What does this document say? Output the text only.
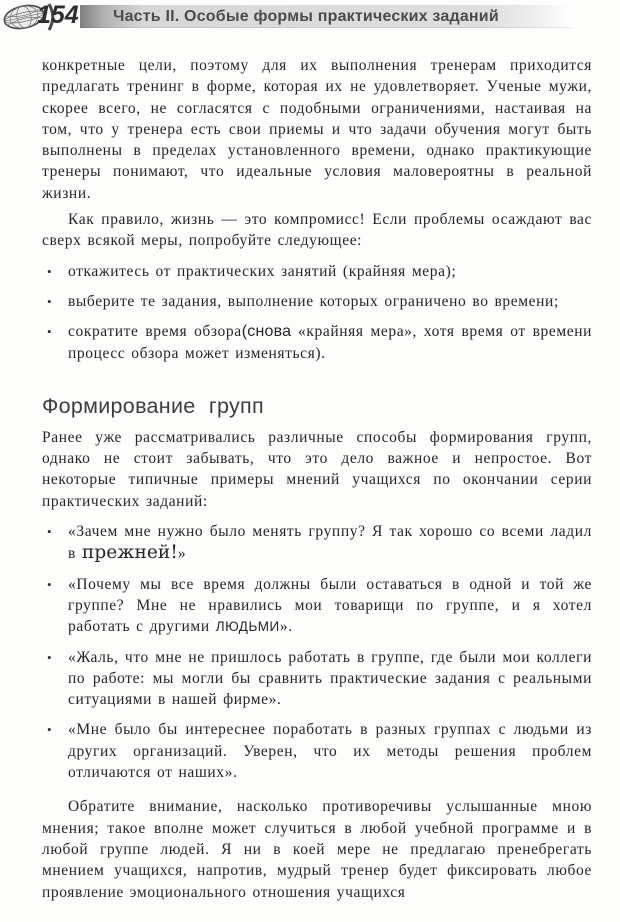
Часть II. Особые формы практических заданий
154

конкретные цели, поэтому для их выполнения тренерам приходится предлагать тренинг в форме, которая их не удовлетворяет. Ученые мужи, скорее всего, не согласятся с подобными ограничениями, настаивая на том, что у тренера есть свои приемы и что задачи обучения могут быть выполнены в пределах установленного времени, однако практикующие тренеры понимают, что идеальные условия маловероятны в реальной жизни.

Как правило, жизнь — это компромисс! Если проблемы осаждают вас сверх всякой меры, попробуйте следующее:

•	откажитесь от практических занятий (крайняя мера);
•	выберите те задания, выполнение которых ограничено во времени;
•	сократите время обзора(снова «крайняя мера», хотя время от времени процесс обзора может изменяться).
Формирование групп

Ранее уже рассматривались различные способы формирования групп, однако не стоит забывать, что это дело важное и непростое. Вот некоторые типичные примеры мнений учащихся по окончании серии практических заданий:

•	«Зачем мне нужно было менять группу? Я так хорошо со всеми ладил в прежней!»
•	«Почему мы все время должны были оставаться в одной и той же группе? Мне не нравились мои товарищи по группе, и я хотел работать с другими ЛЮДЬМИ».
•	«Жаль, что мне не пришлось работать в группе, где были мои коллеги по работе: мы могли бы сравнить практические задания с реальными ситуациями в нашей фирме».
•	«Мне было бы интереснее поработать в разных группах с людьми из других организаций. Уверен, что их методы решения проблем отличаются от наших».

Обратите внимание, насколько противоречивы услышанные мною мнения; такое вполне может случиться в любой учебной программе и в любой группе людей. Я ни в коей мере не предлагаю пренебрегать мнением учащихся, напротив, мудрый тренер будет фиксировать любое проявление эмоционального отношения учащихся
